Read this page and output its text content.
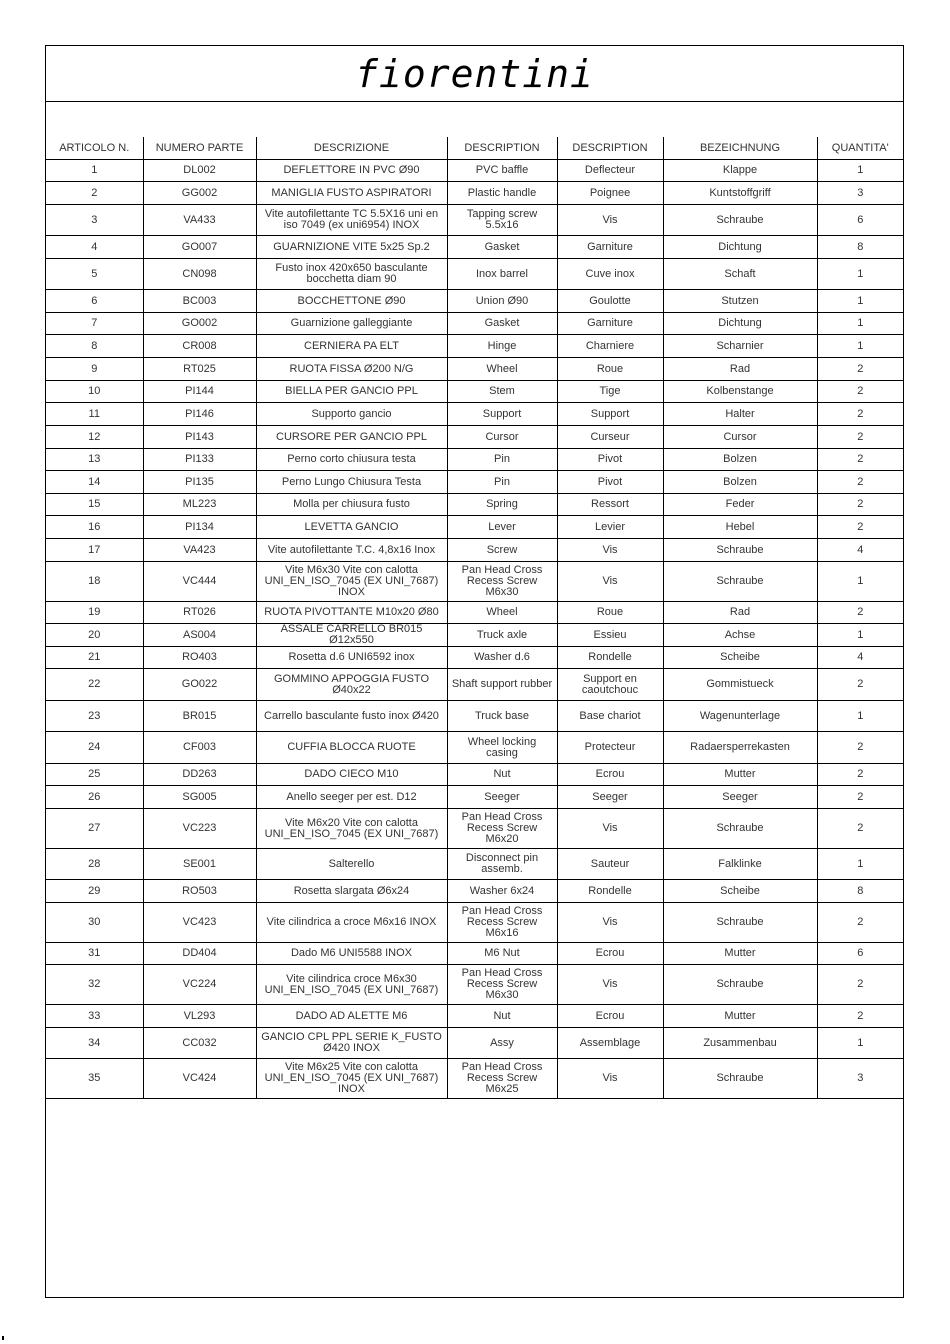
fiorentini
ARTICOLO N.	NUMERO PARTE	DESCRIZIONE	DESCRIPTION	DESCRIPTION	BEZEICHNUNG	QUANTITA'
1	DL002	DEFLETTORE IN PVC Ø90	PVC baffle	Deflecteur	Klappe	1
2	GG002	MANIGLIA FUSTO ASPIRATORI	Plastic handle	Poignee	Kuntstoffgriff	3
3	VA433	Vite autofilettante TC 5.5X16 uni en iso 7049 (ex uni6954) INOX	Tapping screw 5.5x16	Vis	Schraube	6
4	GO007	GUARNIZIONE VITE 5x25 Sp.2	Gasket	Garniture	Dichtung	8
5	CN098	Fusto inox 420x650 basculante bocchetta diam 90	Inox barrel	Cuve inox	Schaft	1
6	BC003	BOCCHETTONE Ø90	Union Ø90	Goulotte	Stutzen	1
7	GO002	Guarnizione galleggiante	Gasket	Garniture	Dichtung	1
8	CR008	CERNIERA PA ELT	Hinge	Charniere	Scharnier	1
9	RT025	RUOTA FISSA Ø200 N/G	Wheel	Roue	Rad	2
10	PI144	BIELLA PER GANCIO PPL	Stem	Tige	Kolbenstange	2
11	PI146	Supporto gancio	Support	Support	Halter	2
12	PI143	CURSORE PER GANCIO PPL	Cursor	Curseur	Cursor	2
13	PI133	Perno corto chiusura testa	Pin	Pivot	Bolzen	2
14	PI135	Perno Lungo Chiusura Testa	Pin	Pivot	Bolzen	2
15	ML223	Molla per chiusura fusto	Spring	Ressort	Feder	2
16	PI134	LEVETTA GANCIO	Lever	Levier	Hebel	2
17	VA423	Vite autofilettante T.C. 4,8x16 Inox	Screw	Vis	Schraube	4
18	VC444	Vite M6x30 Vite con calotta UNI_EN_ISO_7045 (EX UNI_7687) INOX	Pan Head Cross Recess Screw M6x30	Vis	Schraube	1
19	RT026	RUOTA PIVOTTANTE M10x20 Ø80	Wheel	Roue	Rad	2
20	AS004	ASSALE CARRELLO BR015 Ø12x550	Truck axle	Essieu	Achse	1
21	RO403	Rosetta d.6 UNI6592 inox	Washer d.6	Rondelle	Scheibe	4
22	GO022	GOMMINO APPOGGIA FUSTO Ø40x22	Shaft support rubber	Support en caoutchouc	Gommistueck	2
23	BR015	Carrello basculante fusto inox Ø420	Truck base	Base chariot	Wagenunterlage	1
24	CF003	CUFFIA BLOCCA RUOTE	Wheel locking casing	Protecteur	Radaersperrekasten	2
25	DD263	DADO CIECO M10	Nut	Ecrou	Mutter	2
26	SG005	Anello seeger per est. D12	Seeger	Seeger	Seeger	2
27	VC223	Vite M6x20 Vite con calotta UNI_EN_ISO_7045 (EX UNI_7687)	Pan Head Cross Recess Screw M6x20	Vis	Schraube	2
28	SE001	Salterello	Disconnect pin assemb.	Sauteur	Falklinke	1
29	RO503	Rosetta slargata Ø6x24	Washer 6x24	Rondelle	Scheibe	8
30	VC423	Vite cilindrica a croce M6x16 INOX	Pan Head Cross Recess Screw M6x16	Vis	Schraube	2
31	DD404	Dado M6 UNI5588 INOX	M6 Nut	Ecrou	Mutter	6
32	VC224	Vite cilindrica croce M6x30 UNI_EN_ISO_7045 (EX UNI_7687)	Pan Head Cross Recess Screw M6x30	Vis	Schraube	2
33	VL293	DADO AD ALETTE M6	Nut	Ecrou	Mutter	2
34	CC032	GANCIO CPL PPL SERIE K_FUSTO Ø420 INOX	Assy	Assemblage	Zusammenbau	1
35	VC424	Vite M6x25 Vite con calotta UNI_EN_ISO_7045 (EX UNI_7687) INOX	Pan Head Cross Recess Screw M6x25	Vis	Schraube	3
